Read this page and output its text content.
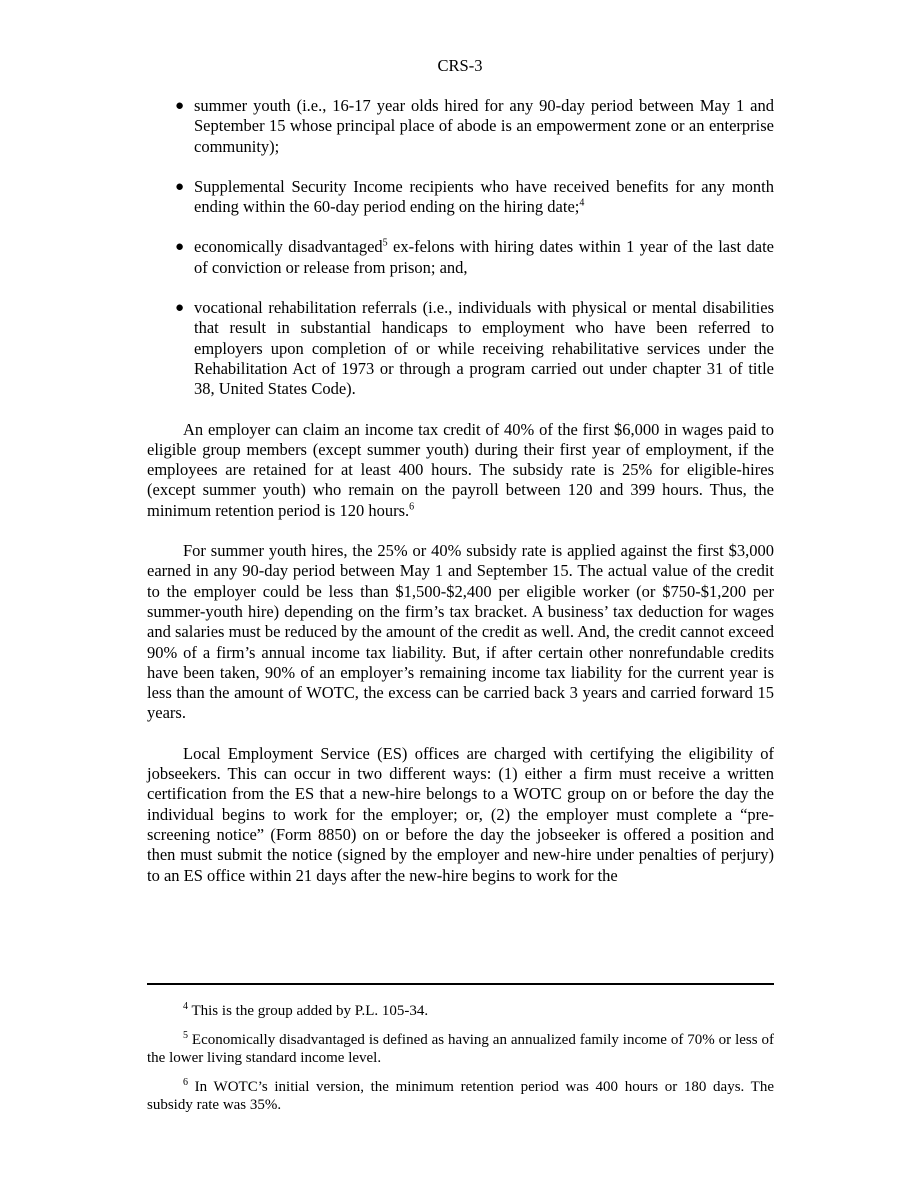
CRS-3
● summer youth (i.e., 16-17 year olds hired for any 90-day period between May 1 and September 15 whose principal place of abode is an empowerment zone or an enterprise community);
● Supplemental Security Income recipients who have received benefits for any month ending within the 60-day period ending on the hiring date;$^4$
● economically disadvantaged$^5$ ex-felons with hiring dates within 1 year of the last date of conviction or release from prison; and,
● vocational rehabilitation referrals (i.e., individuals with physical or mental disabilities that result in substantial handicaps to employment who have been referred to employers upon completion of or while receiving rehabilitative services under the Rehabilitation Act of 1973 or through a program carried out under chapter 31 of title 38, United States Code).

An employer can claim an income tax credit of 40% of the first $6,000 in wages paid to eligible group members (except summer youth) during their first year of employment, if the employees are retained for at least 400 hours. The subsidy rate is 25% for eligible-hires (except summer youth) who remain on the payroll between 120 and 399 hours. Thus, the minimum retention period is 120 hours.$^6$

For summer youth hires, the 25% or 40% subsidy rate is applied against the first $3,000 earned in any 90-day period between May 1 and September 15. The actual value of the credit to the employer could be less than $1,500-$2,400 per eligible worker (or $750-$1,200 per summer-youth hire) depending on the firm’s tax bracket. A business’ tax deduction for wages and salaries must be reduced by the amount of the credit as well. And, the credit cannot exceed 90% of a firm’s annual income tax liability. But, if after certain other nonrefundable credits have been taken, 90% of an employer’s remaining income tax liability for the current year is less than the amount of WOTC, the excess can be carried back 3 years and carried forward 15 years.

Local Employment Service (ES) offices are charged with certifying the eligibility of jobseekers. This can occur in two different ways: (1) either a firm must receive a written certification from the ES that a new-hire belongs to a WOTC group on or before the day the individual begins to work for the employer; or, (2) the employer must complete a “pre-screening notice” (Form 8850) on or before the day the jobseeker is offered a position and then must submit the notice (signed by the employer and new-hire under penalties of perjury) to an ES office within 21 days after the new-hire begins to work for the

$^4$ This is the group added by P.L. 105-34.

$^5$ Economically disadvantaged is defined as having an annualized family income of 70% or less of the lower living standard income level.

$^6$ In WOTC’s initial version, the minimum retention period was 400 hours or 180 days. The subsidy rate was 35%.
